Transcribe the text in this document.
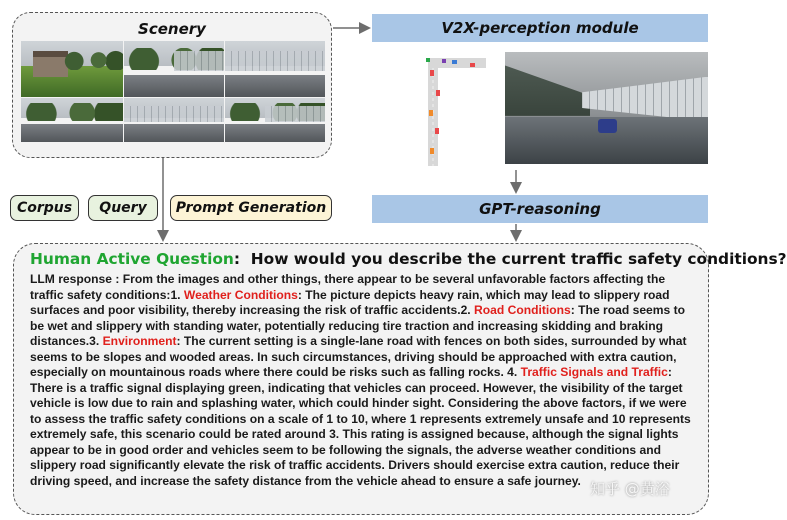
Scenery	V2X-perception module
GPT-reasoning
Corpus	Query	Prompt Generation
Human Active Question: How would you describe the current traffic safety conditions?
LLM response : From the images and other things, there appear to be several unfavorable factors affecting the traffic safety conditions:1. Weather Conditions: The picture depicts heavy rain, which may lead to slippery road surfaces and poor visibility, thereby increasing the risk of traffic accidents.2. Road Conditions: The road seems to be wet and slippery with standing water, potentially reducing tire traction and increasing skidding and braking distances.3. Environment: The current setting is a single-lane road with fences on both sides, surrounded by what seems to be slopes and wooded areas. In such circumstances, driving should be approached with extra caution, especially on mountainous roads where there could be risks such as falling rocks. 4. Traffic Signals and Traffic: There is a traffic signal displaying green, indicating that vehicles can proceed. However, the visibility of the target vehicle is low due to rain and splashing water, which could hinder sight. Considering the above factors, if we were to assess the traffic safety conditions on a scale of 1 to 10, where 1 represents extremely unsafe and 10 represents extremely safe, this scenario could be rated around 3. This rating is assigned because, although the signal lights appear to be in good order and vehicles seem to be following the signals, the adverse weather conditions and slippery road significantly elevate the risk of traffic accidents. Drivers should exercise extra caution, reduce their driving speed, and increase the safety distance from the vehicle ahead to ensure a safe journey. 知乎 @黄浴
